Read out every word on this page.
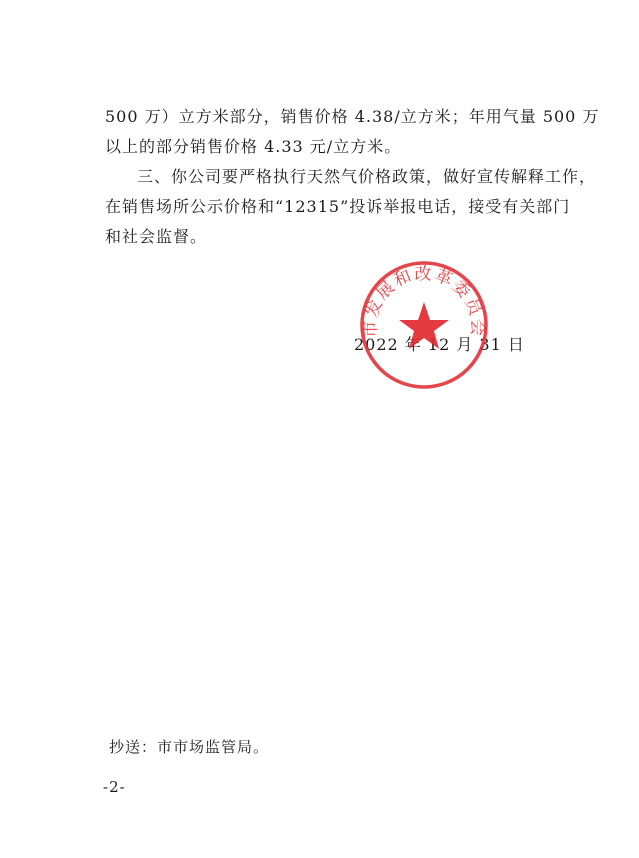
500 万）立方米部分，销售价格 4.38/立方米；年用气量 500 万
以上的部分销售价格 4.33 元/立方米。
三、你公司要严格执行天然气价格政策，做好宣传解释工作，
在销售场所公示价格和“12315”投诉举报电话，接受有关部门
和社会监督。
2022 年 12 月 31 日
市发展和改革委员会
抄送：市市场监管局。
-2-
